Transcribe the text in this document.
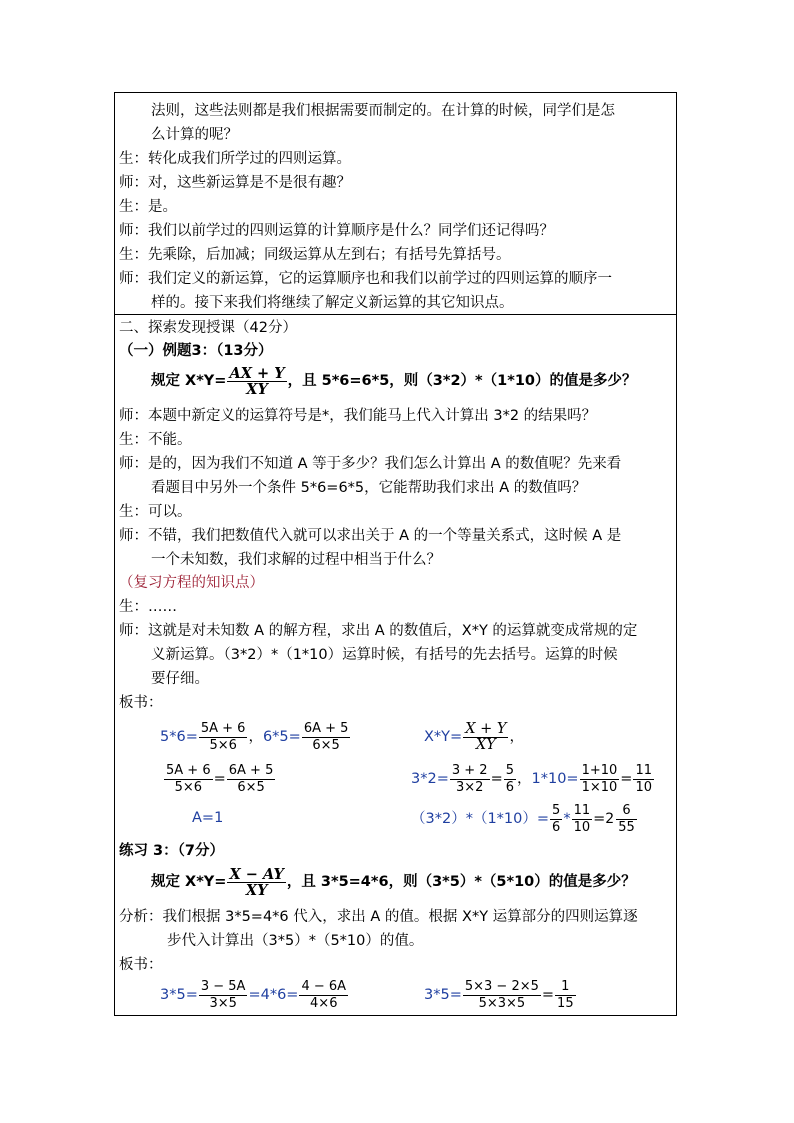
法则，这些法则都是我们根据需要而制定的。在计算的时候，同学们是怎
么计算的呢？
生：转化成我们所学过的四则运算。
师：对，这些新运算是不是很有趣？
生：是。
师：我们以前学过的四则运算的计算顺序是什么？同学们还记得吗？
生：先乘除，后加减；同级运算从左到右；有括号先算括号。
师：我们定义的新运算，它的运算顺序也和我们以前学过的四则运算的顺序一
样的。接下来我们将继续了解定义新运算的其它知识点。
二、探索发现授课（42分）
（一）例题3：（13分）
规定 $X*Y= \frac{AX + Y}{XY}$ ，且 5*6=6*5，则（3*2）*（1*10）的值是多少？
师：本题中新定义的运算符号是*，我们能马上代入计算出 3*2 的结果吗？
生：不能。
师：是的，因为我们不知道 A 等于多少？我们怎么计算出 A 的数值呢？先来看
看题目中另外一个条件 5*6=6*5，它能帮助我们求出 A 的数值吗？
生：可以。
师：不错，我们把数值代入就可以求出关于 A 的一个等量关系式，这时候 A 是
一个未知数，我们求解的过程中相当于什么？
（复习方程的知识点）
生：……
师：这就是对未知数 A 的解方程，求出 A 的数值后，X*Y 的运算就变成常规的定
义新运算。（3*2）*（1*10）运算时候，有括号的先去括号。运算的时候
要仔细。
板书：
$5*6= \frac{5A + 6}{5\times 6}$ ，$6*5= \frac{6A + 5}{6\times 5}$
$\frac{5A + 6}{5\times 6} = \frac{6A + 5}{6\times 5}$
A=1
$X*Y= \frac{X + Y}{XY}$ ，
$3*2= \frac{3 + 2}{3\times 2} = \frac{5}{6}$ ，$1*10= \frac{1+10}{1\times 10} = \frac{11}{10}$
$(3*2)*(1*10)= \frac{5}{6} * \frac{11}{10} =2 \frac{6}{55}$
练习 3：（7分）
规定 $X*Y= \frac{X - AY}{XY}$ ，且 3*5=4*6，则（3*5）*（5*10）的值是多少？
分析：我们根据 3*5=4*6 代入，求出 A 的值。根据 X*Y 运算部分的四则运算逐
步代入计算出（3*5）*（5*10）的值。
板书：
$3*5= \frac{3 - 5A}{3\times 5} =4*6= \frac{4 - 6A}{4\times 6}$	$3*5= \frac{5\times 3 - 2\times 5}{5\times 3\times 5} = \frac{1}{15}$
